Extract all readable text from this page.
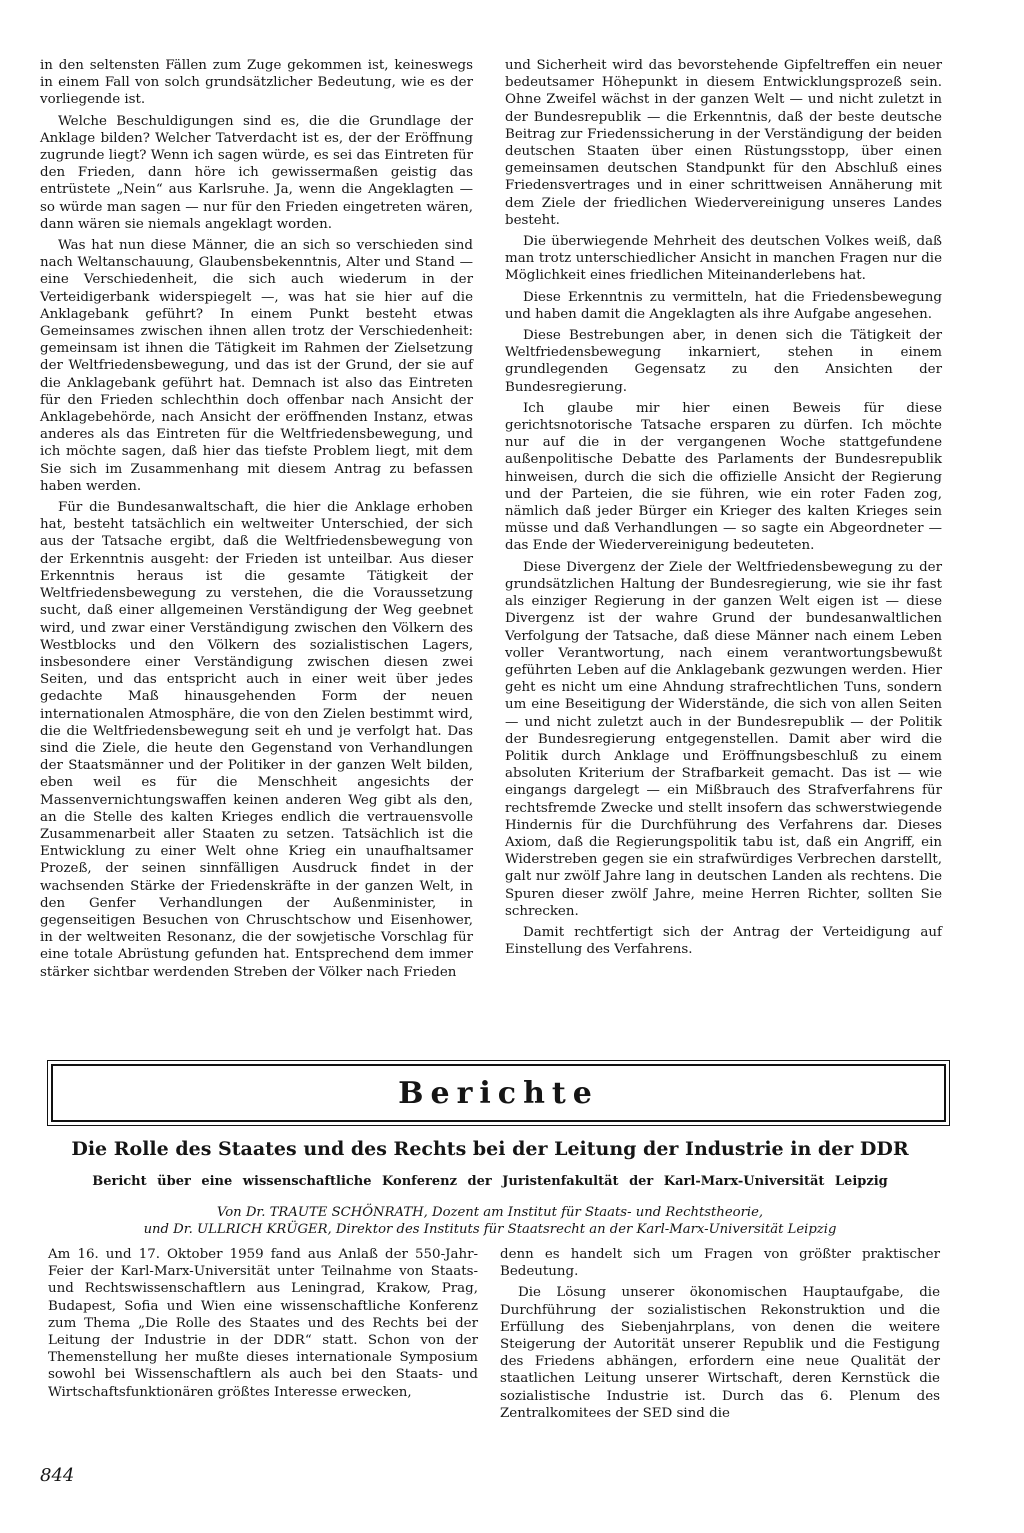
in den seltensten Fällen zum Zuge gekommen ist, keineswegs in einem Fall von solch grundsätzlicher Bedeutung, wie es der vorliegende ist.

Welche Beschuldigungen sind es, die die Grundlage der Anklage bilden? Welcher Tatverdacht ist es, der der Eröffnung zugrunde liegt? Wenn ich sagen würde, es sei das Eintreten für den Frieden, dann höre ich gewissermaßen geistig das entrüstete „Nein“ aus Karlsruhe. Ja, wenn die Angeklagten — so würde man sagen — nur für den Frieden eingetreten wären, dann wären sie niemals angeklagt worden.

Was hat nun diese Männer, die an sich so verschieden sind nach Weltanschauung, Glaubensbekenntnis, Alter und Stand — eine Verschiedenheit, die sich auch wiederum in der Verteidigerbank widerspiegelt —, was hat sie hier auf die Anklagebank geführt? In einem Punkt besteht etwas Gemeinsames zwischen ihnen allen trotz der Verschiedenheit: gemeinsam ist ihnen die Tätigkeit im Rahmen der Zielsetzung der Weltfriedensbewegung, und das ist der Grund, der sie auf die Anklagebank geführt hat. Demnach ist also das Eintreten für den Frieden schlechthin doch offenbar nach Ansicht der Anklagebehörde, nach Ansicht der eröffnenden Instanz, etwas anderes als das Eintreten für die Weltfriedensbewegung, und ich möchte sagen, daß hier das tiefste Problem liegt, mit dem Sie sich im Zusammenhang mit diesem Antrag zu befassen haben werden.

Für die Bundesanwaltschaft, die hier die Anklage erhoben hat, besteht tatsächlich ein weltweiter Unterschied, der sich aus der Tatsache ergibt, daß die Weltfriedensbewegung von der Erkenntnis ausgeht: der Frieden ist unteilbar. Aus dieser Erkenntnis heraus ist die gesamte Tätigkeit der Weltfriedensbewegung zu verstehen, die die Voraussetzung sucht, daß einer allgemeinen Verständigung der Weg geebnet wird, und zwar einer Verständigung zwischen den Völkern des Westblocks und den Völkern des sozialistischen Lagers, insbesondere einer Verständigung zwischen diesen zwei Seiten, und das entspricht auch in einer weit über jedes gedachte Maß hinausgehenden Form der neuen internationalen Atmosphäre, die von den Zielen bestimmt wird, die die Weltfriedensbewegung seit eh und je verfolgt hat. Das sind die Ziele, die heute den Gegenstand von Verhandlungen der Staatsmänner und der Politiker in der ganzen Welt bilden, eben weil es für die Menschheit angesichts der Massenvernichtungswaffen keinen anderen Weg gibt als den, an die Stelle des kalten Krieges endlich die vertrauensvolle Zusammenarbeit aller Staaten zu setzen. Tatsächlich ist die Entwicklung zu einer Welt ohne Krieg ein unaufhaltsamer Prozeß, der seinen sinnfälligen Ausdruck findet in der wachsenden Stärke der Friedenskräfte in der ganzen Welt, in den Genfer Verhandlungen der Außenminister, in gegenseitigen Besuchen von Chruschtschow und Eisenhower, in der weltweiten Resonanz, die der sowjetische Vorschlag für eine totale Abrüstung gefunden hat. Entsprechend dem immer stärker sichtbar werdenden Streben der Völker nach Frieden

und Sicherheit wird das bevorstehende Gipfeltreffen ein neuer bedeutsamer Höhepunkt in diesem Entwicklungsprozeß sein. Ohne Zweifel wächst in der ganzen Welt — und nicht zuletzt in der Bundesrepublik — die Erkenntnis, daß der beste deutsche Beitrag zur Friedenssicherung in der Verständigung der beiden deutschen Staaten über einen Rüstungsstopp, über einen gemeinsamen deutschen Standpunkt für den Abschluß eines Friedensvertrages und in einer schrittweisen Annäherung mit dem Ziele der friedlichen Wiedervereinigung unseres Landes besteht.

Die überwiegende Mehrheit des deutschen Volkes weiß, daß man trotz unterschiedlicher Ansicht in manchen Fragen nur die Möglichkeit eines friedlichen Miteinanderlebens hat.

Diese Erkenntnis zu vermitteln, hat die Friedensbewegung und haben damit die Angeklagten als ihre Aufgabe angesehen.

Diese Bestrebungen aber, in denen sich die Tätigkeit der Weltfriedensbewegung inkarniert, stehen in einem grundlegenden Gegensatz zu den Ansichten der Bundesregierung.

Ich glaube mir hier einen Beweis für diese gerichtsnotorische Tatsache ersparen zu dürfen. Ich möchte nur auf die in der vergangenen Woche stattgefundene außenpolitische Debatte des Parlaments der Bundesrepublik hinweisen, durch die sich die offizielle Ansicht der Regierung und der Parteien, die sie führen, wie ein roter Faden zog, nämlich daß jeder Bürger ein Krieger des kalten Krieges sein müsse und daß Verhandlungen — so sagte ein Abgeordneter — das Ende der Wiedervereinigung bedeuteten.

Diese Divergenz der Ziele der Weltfriedensbewegung zu der grundsätzlichen Haltung der Bundesregierung, wie sie ihr fast als einziger Regierung in der ganzen Welt eigen ist — diese Divergenz ist der wahre Grund der bundesanwaltlichen Verfolgung der Tatsache, daß diese Männer nach einem Leben voller Verantwortung, nach einem verantwortungsbewußt geführten Leben auf die Anklagebank gezwungen werden. Hier geht es nicht um eine Ahndung strafrechtlichen Tuns, sondern um eine Beseitigung der Widerstände, die sich von allen Seiten — und nicht zuletzt auch in der Bundesrepublik — der Politik der Bundesregierung entgegenstellen. Damit aber wird die Politik durch Anklage und Eröffnungsbeschluß zu einem absoluten Kriterium der Strafbarkeit gemacht. Das ist — wie eingangs dargelegt — ein Mißbrauch des Strafverfahrens für rechtsfremde Zwecke und stellt insofern das schwerstwiegende Hindernis für die Durchführung des Verfahrens dar. Dieses Axiom, daß die Regierungspolitik tabu ist, daß ein Angriff, ein Widerstreben gegen sie ein strafwürdiges Verbrechen darstellt, galt nur zwölf Jahre lang in deutschen Landen als rechtens. Die Spuren dieser zwölf Jahre, meine Herren Richter, sollten Sie schrecken.

Damit rechtfertigt sich der Antrag der Verteidigung auf Einstellung des Verfahrens.

Berichte
Die Rolle des Staates und des Rechts bei der Leitung der Industrie in der DDR
Bericht über eine wissenschaftliche Konferenz der Juristenfakultät der Karl-Marx-Universität Leipzig
Von Dr. TRAUTE SCHÖNRATH, Dozent am Institut für Staats- und Rechtstheorie,
und Dr. ULLRICH KRÜGER, Direktor des Instituts für Staatsrecht an der Karl-Marx-Universität Leipzig

Am 16. und 17. Oktober 1959 fand aus Anlaß der 550-Jahr-Feier der Karl-Marx-Universität unter Teilnahme von Staats- und Rechtswissenschaftlern aus Leningrad, Krakow, Prag, Budapest, Sofia und Wien eine wissenschaftliche Konferenz zum Thema „Die Rolle des Staates und des Rechts bei der Leitung der Industrie in der DDR“ statt. Schon von der Themenstellung her mußte dieses internationale Symposium sowohl bei Wissenschaftlern als auch bei den Staats- und Wirtschaftsfunktionären größtes Interesse erwecken,

denn es handelt sich um Fragen von größter praktischer Bedeutung.

Die Lösung unserer ökonomischen Hauptaufgabe, die Durchführung der sozialistischen Rekonstruktion und die Erfüllung des Siebenjahrplans, von denen die weitere Steigerung der Autorität unserer Republik und die Festigung des Friedens abhängen, erfordern eine neue Qualität der staatlichen Leitung unserer Wirtschaft, deren Kernstück die sozialistische Industrie ist. Durch das 6. Plenum des Zentralkomitees der SED sind die

844
